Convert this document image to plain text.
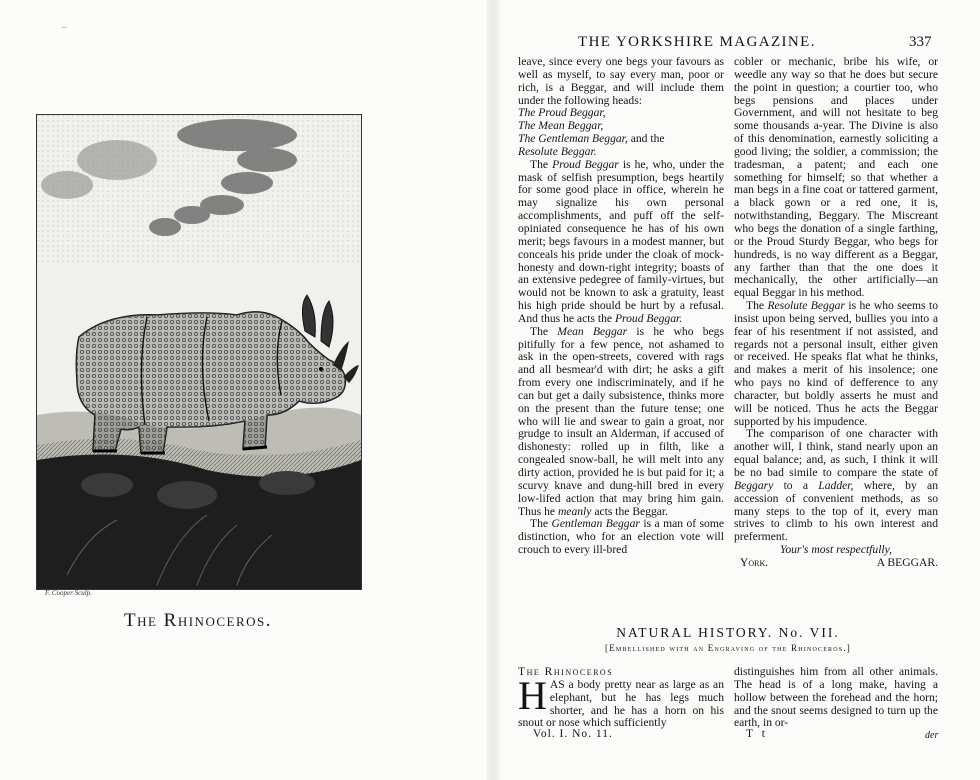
–
F. Cooper Sculp.
The Rhinoceros.
THE YORKSHIRE MAGAZINE.	337

leave, since every one begs your favours as well as myself, to say every man, poor or rich, is a Beggar, and will include them under the following heads:

The Proud Beggar,

The Mean Beggar,

The Gentleman Beggar, and the

Resolute Beggar.

The Proud Beggar is he, who, under the mask of selfish presumption, begs heartily for some good place in office, wherein he may signalize his own personal accomplishments, and puff off the self-opiniated consequence he has of his own merit; begs favours in a modest manner, but conceals his pride under the cloak of mock-honesty and down-right integrity; boasts of an extensive pedegree of family-virtues, but would not be known to ask a gratuity, least his high pride should be hurt by a refusal. And thus he acts the Proud Beggar.

The Mean Beggar is he who begs pitifully for a few pence, not ashamed to ask in the open-streets, covered with rags and all besmear'd with dirt; he asks a gift from every one indiscriminately, and if he can but get a daily subsistence, thinks more on the present than the future tense; one who will lie and swear to gain a groat, nor grudge to insult an Alderman, if accused of dishonesty: rolled up in filth, like a congealed snow-ball, he will melt into any dirty action, provided he is but paid for it; a scurvy knave and dung-hill bred in every low-lifed action that may bring him gain. Thus he meanly acts the Beggar.

The Gentleman Beggar is a man of some distinction, who for an election vote will crouch to every ill-bred

cobler or mechanic, bribe his wife, or weedle any way so that he does but secure the point in question; a courtier too, who begs pensions and places under Government, and will not hesitate to beg some thousands a-year. The Divine is also of this denomination, earnestly soliciting a good living; the soldier, a commission; the tradesman, a patent; and each one something for himself; so that whether a man begs in a fine coat or tattered garment, a black gown or a red one, it is, notwithstanding, Beggary. The Miscreant who begs the donation of a single farthing, or the Proud Sturdy Beggar, who begs for hundreds, is no way different as a Beggar, any farther than that the one does it mechanically, the other artificially—an equal Beggar in his method.

The Resolute Beggar is he who seems to insist upon being served, bullies you into a fear of his resentment if not assisted, and regards not a personal insult, either given or received. He speaks flat what he thinks, and makes a merit of his insolence; one who pays no kind of defference to any character, but boldly asserts he must and will be noticed. Thus he acts the Beggar supported by his impudence.

The comparison of one character with another will, I think, stand nearly upon an equal balance; and, as such, I think it will be no bad simile to compare the state of Beggary to a Ladder, where, by an accession of convenient methods, as so many steps to the top of it, every man strives to climb to his own interest and preferment.

Your's most respectfully,

York.	A BEGGAR.
NATURAL HISTORY. No. VII.
[Embellished with an Engraving of the Rhinoceros.]

The Rhinoceros

HAS a body pretty near as large as an elephant, but he has legs much shorter, and he has a horn on his snout or nose which sufficiently

distinguishes him from all other animals. The head is of a long make, having a hollow between the forehead and the horn; and the snout seems designed to turn up the earth, in or-

Vol. I. No. 11.	T t	der
